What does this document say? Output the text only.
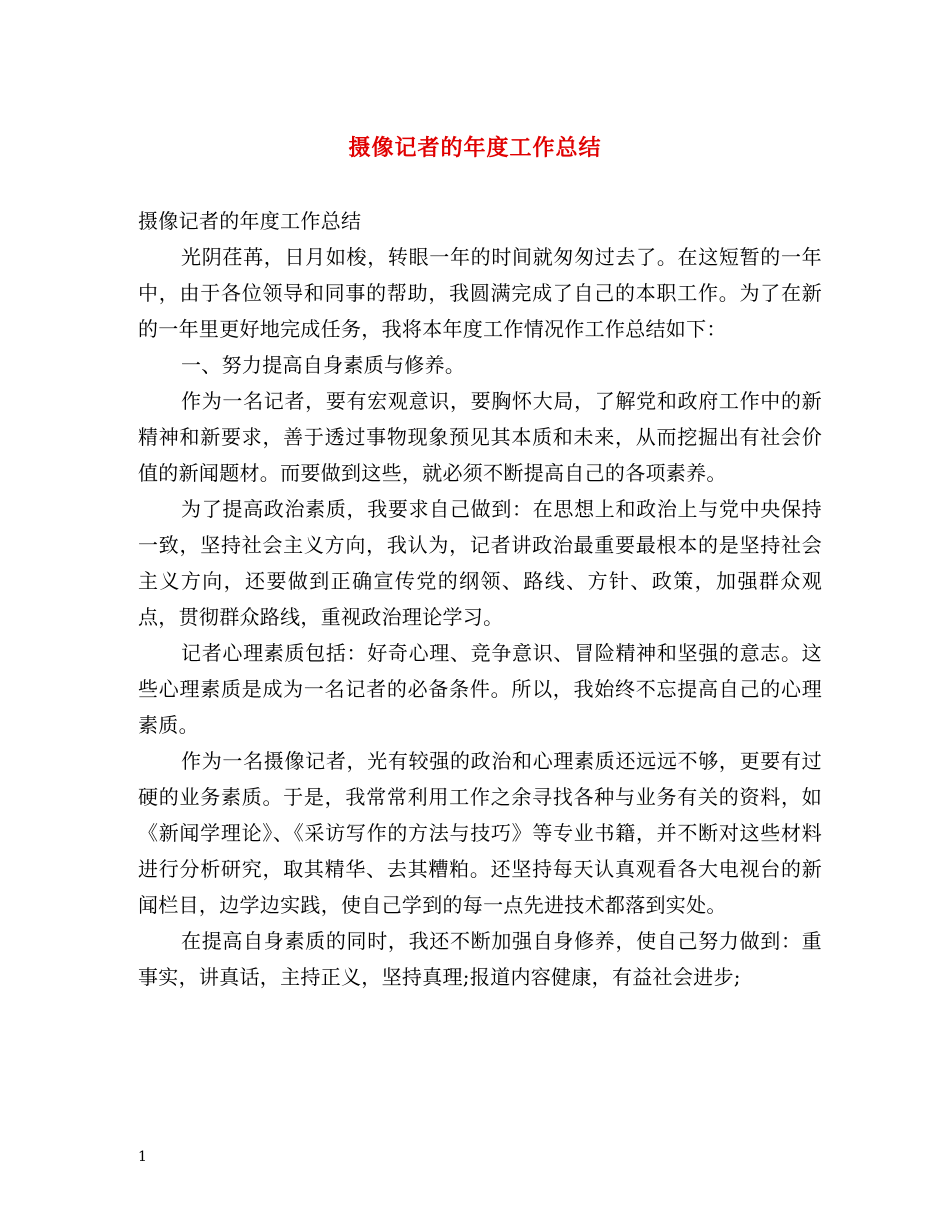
摄像记者的年度工作总结

摄像记者的年度工作总结

光阴荏苒，日月如梭，转眼一年的时间就匆匆过去了。在这短暂的一年中，由于各位领导和同事的帮助，我圆满完成了自己的本职工作。为了在新的一年里更好地完成任务，我将本年度工作情况作工作总结如下：

一、努力提高自身素质与修养。

作为一名记者，要有宏观意识，要胸怀大局，了解党和政府工作中的新精神和新要求，善于透过事物现象预见其本质和未来，从而挖掘出有社会价值的新闻题材。而要做到这些，就必须不断提高自己的各项素养。

为了提高政治素质，我要求自己做到：在思想上和政治上与党中央保持一致，坚持社会主义方向，我认为，记者讲政治最重要最根本的是坚持社会主义方向，还要做到正确宣传党的纲领、路线、方针、政策，加强群众观点，贯彻群众路线，重视政治理论学习。

记者心理素质包括：好奇心理、竞争意识、冒险精神和坚强的意志。这些心理素质是成为一名记者的必备条件。所以，我始终不忘提高自己的心理素质。

作为一名摄像记者，光有较强的政治和心理素质还远远不够，更要有过硬的业务素质。于是，我常常利用工作之余寻找各种与业务有关的资料，如《新闻学理论》、《采访写作的方法与技巧》等专业书籍，并不断对这些材料进行分析研究，取其精华、去其糟粕。还坚持每天认真观看各大电视台的新闻栏目，边学边实践，使自己学到的每一点先进技术都落到实处。

在提高自身素质的同时，我还不断加强自身修养，使自己努力做到：重事实，讲真话，主持正义，坚持真理;报道内容健康，有益社会进步;

1
